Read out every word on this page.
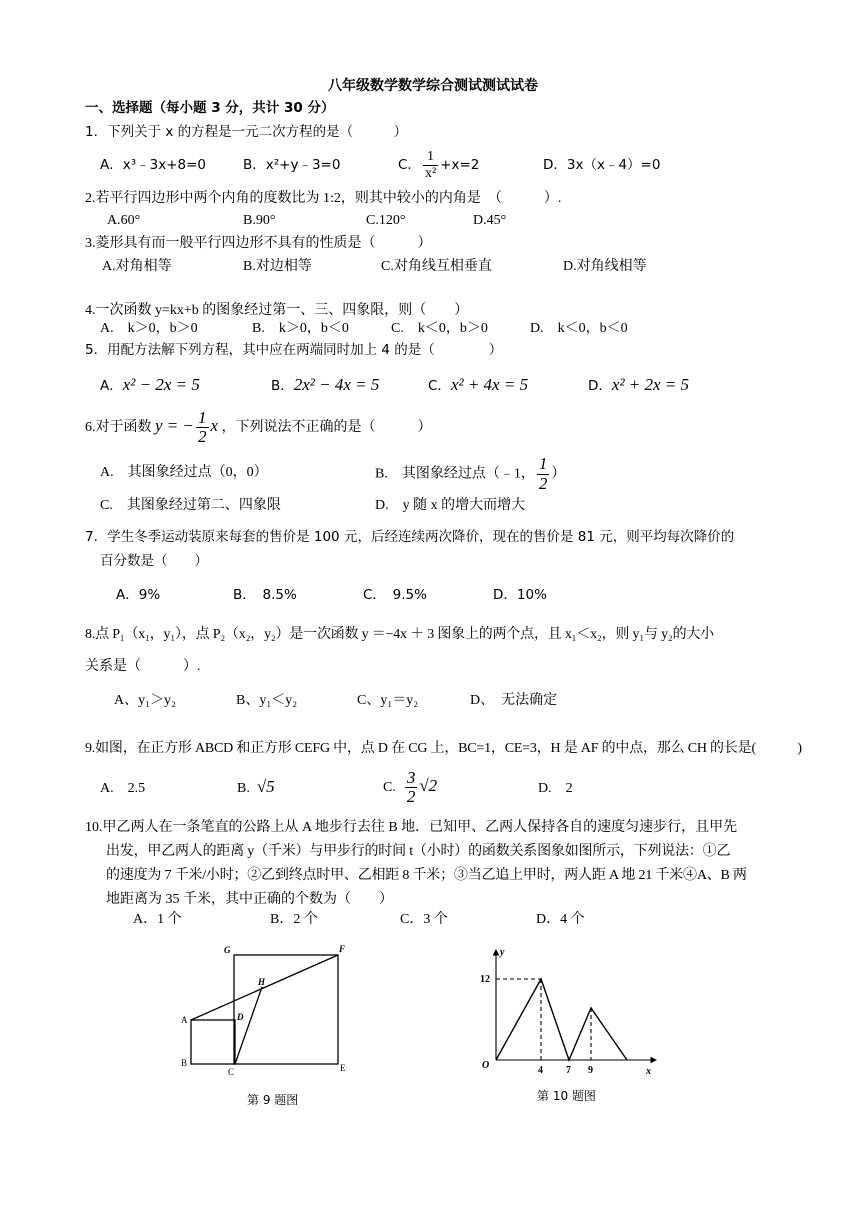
八年级数学数学综合测试测试试卷
一、选择题（每小题 3 分，共计 30 分）
1．下列关于 x 的方程是一元二次方程的是（　　　）
A．x³﹣3x+8=0	B．x²+y﹣3=0	C． $\frac{1}{\text{x²}} +x=2$	D．3x（x﹣4）=0
2.若平行四边形中两个内角的度数比为 1:2，则其中较小的内角是　（　　　）.
A.60°	B.90°	C.120°	D.45°
3.菱形具有而一般平行四边形不具有的性质是（　　　）
A.对角相等	B.对边相等	C.对角线互相垂直	D.对角线相等
4.一次函数 y=kx+b 的图象经过第一、三、四象限，则（　　）
A.　k＞0，b＞0	B.　k＞0，b＜0	C.　k＜0，b＞0	D.　k＜0，b＜0
5．用配方法解下列方程，其中应在两端同时加上 4 的是（　　　　）
A．x² − 2x = 5	B．2x² − 4x = 5	C．x² + 4x = 5	D．x² + 2x = 5
6.对于函数 y = − $\frac{1}{2}$ x ，下列说法不正确的是（　　　）
A.　其图象经过点（0，0）	B.　其图象经过点（﹣1， $\frac{1}{2}$ ）
C.　其图象经过第二、四象限	D.　y 随 x 的增大而增大
7．学生冬季运动装原来每套的售价是 100 元，后经连续两次降价，现在的售价是 81 元，则平均每次降价的
百分数是（　　）
A．9%	B．　8.5%	C．　9.5%	D．10%
8.点 P₁（x₁，y₁），点 P₂（x₂，y₂）是一次函数 y ＝−4x ＋ 3 图象上的两个点，且 x₁＜x₂，则 y₁与 y₂的大小
关系是（　　　）.
A、y₁＞y₂	B、y₁＜y₂	C、y₁＝y₂	D、　无法确定
9.如图，在正方形 ABCD 和正方形 CEFG 中，点 D 在 CG 上，BC=1，CE=3，H 是 AF 的中点，那么 CH 的长是(　　　)
A.　2.5	B. √5	C. $\frac{3}{2} √2$	D.　2
10.甲乙两人在一条笔直的公路上从 A 地步行去往 B 地．已知甲、乙两人保持各自的速度匀速步行，且甲先
出发，甲乙两人的距离 y（千米）与甲步行的时间 t（小时）的函数关系图象如图所示，下列说法：①乙
的速度为 7 千米/小时；②乙到终点时甲、乙相距 8 千米；③当乙追上甲时，两人距 A 地 21 千米④A、B 两
地距离为 35 千米，其中正确的个数为（　　）
A．1 个	B．2 个	C．3 个	D．4 个
G	F
H
D
A
B
C	E
第 9 题图
y
x
O
12
4 7 9
第 10 题图
